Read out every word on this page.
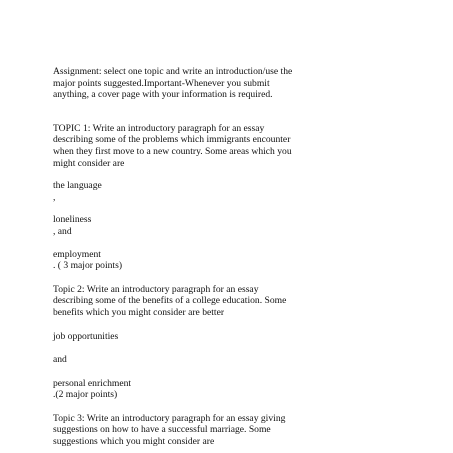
Assignment: select one topic and write an introduction/use the
major points suggested.Important-Whenever you submit
anything, a cover page with your information is required.

TOPIC 1: Write an introductory paragraph for an essay
describing some of the problems which immigrants encounter
when they first move to a new country. Some areas which you
might consider are

the language
,

loneliness
, and

employment
. ( 3 major points)

Topic 2: Write an introductory paragraph for an essay
describing some of the benefits of a college education. Some
benefits which you might consider are better

job opportunities

and

personal enrichment
.(2 major points)

Topic 3: Write an introductory paragraph for an essay giving
suggestions on how to have a successful marriage. Some
suggestions which you might consider are
